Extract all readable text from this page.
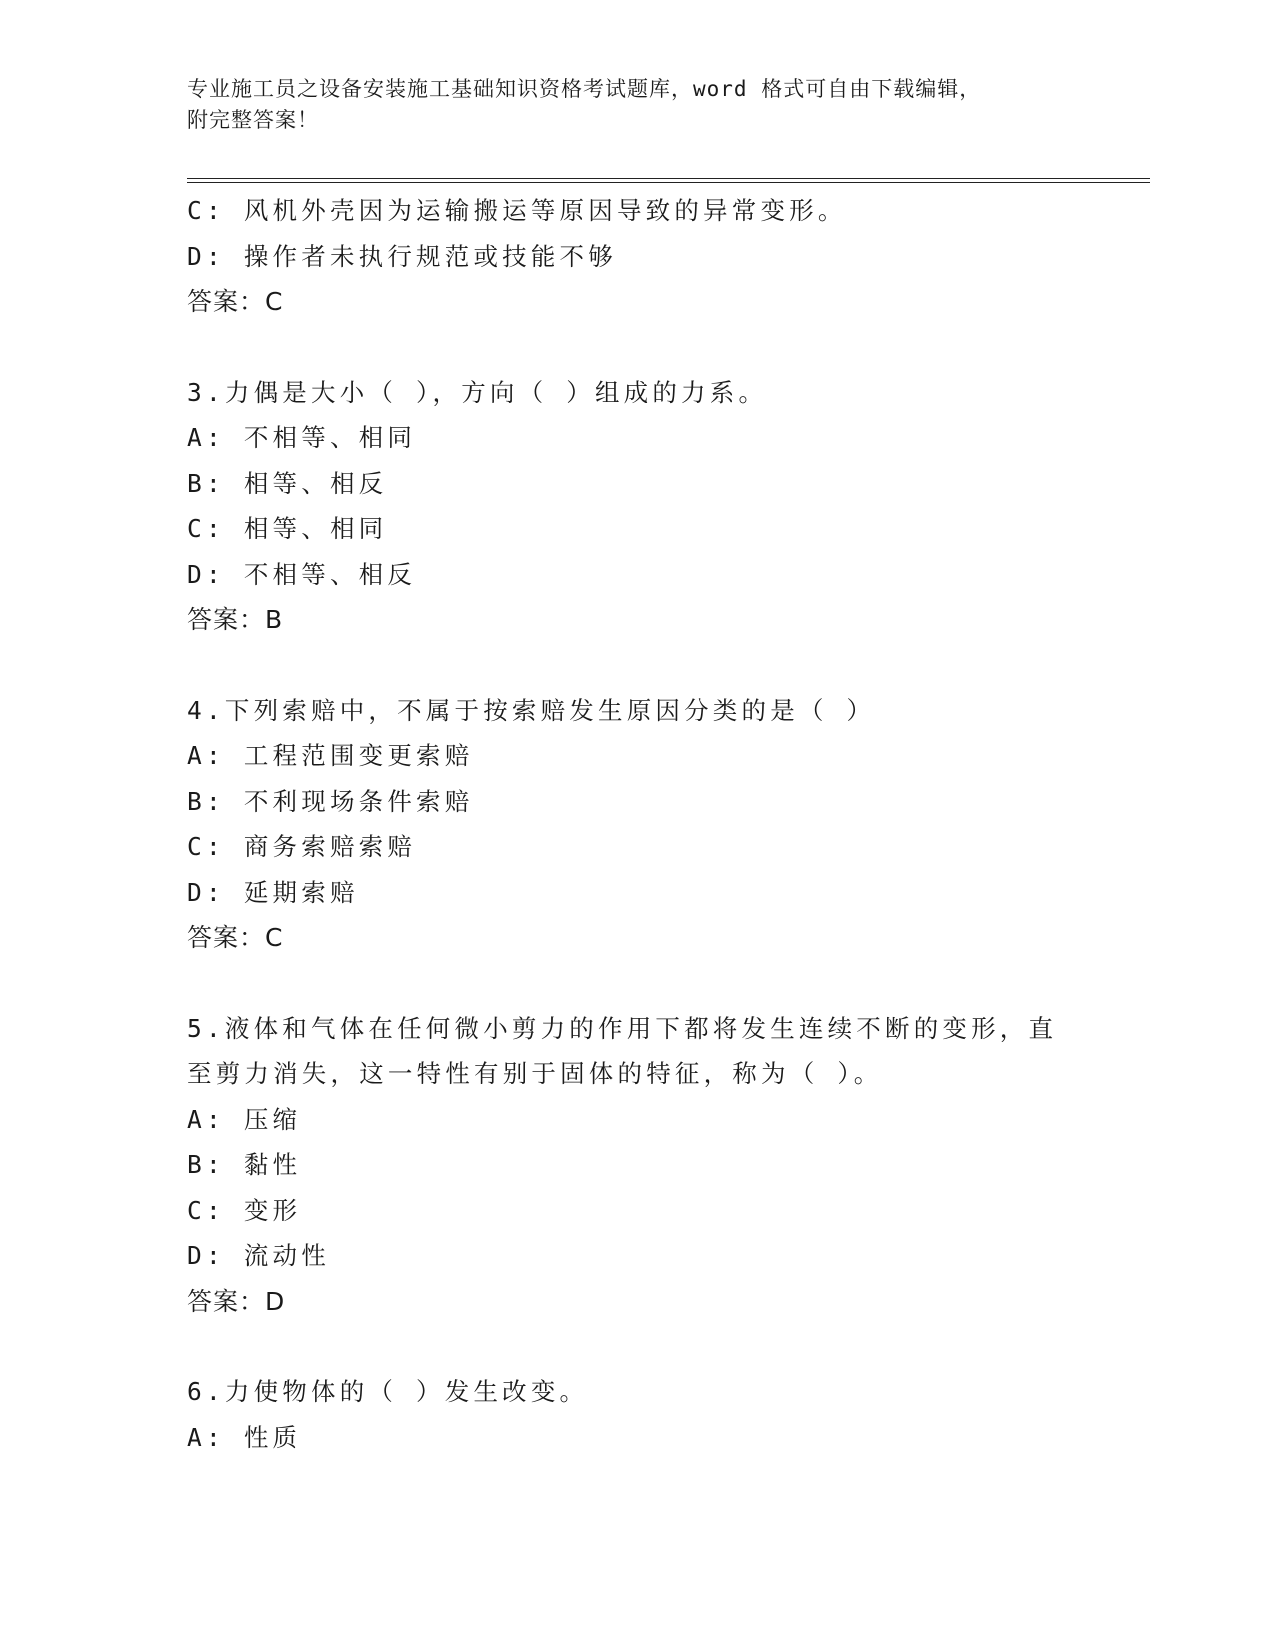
专业施工员之设备安装施工基础知识资格考试题库，word 格式可自由下载编辑，
附完整答案！
C: 风机外壳因为运输搬运等原因导致的异常变形。
D: 操作者未执行规范或技能不够
答案：C
3.力偶是大小（ ），方向（ ）组成的力系。
A: 不相等、相同
B: 相等、相反
C: 相等、相同
D: 不相等、相反
答案：B
4.下列索赔中，不属于按索赔发生原因分类的是（ ）
A: 工程范围变更索赔
B: 不利现场条件索赔
C: 商务索赔索赔
D: 延期索赔
答案：C
5.液体和气体在任何微小剪力的作用下都将发生连续不断的变形，直
至剪力消失，这一特性有别于固体的特征，称为（ ）。
A: 压缩
B: 黏性
C: 变形
D: 流动性
答案：D
6.力使物体的（ ）发生改变。
A: 性质
